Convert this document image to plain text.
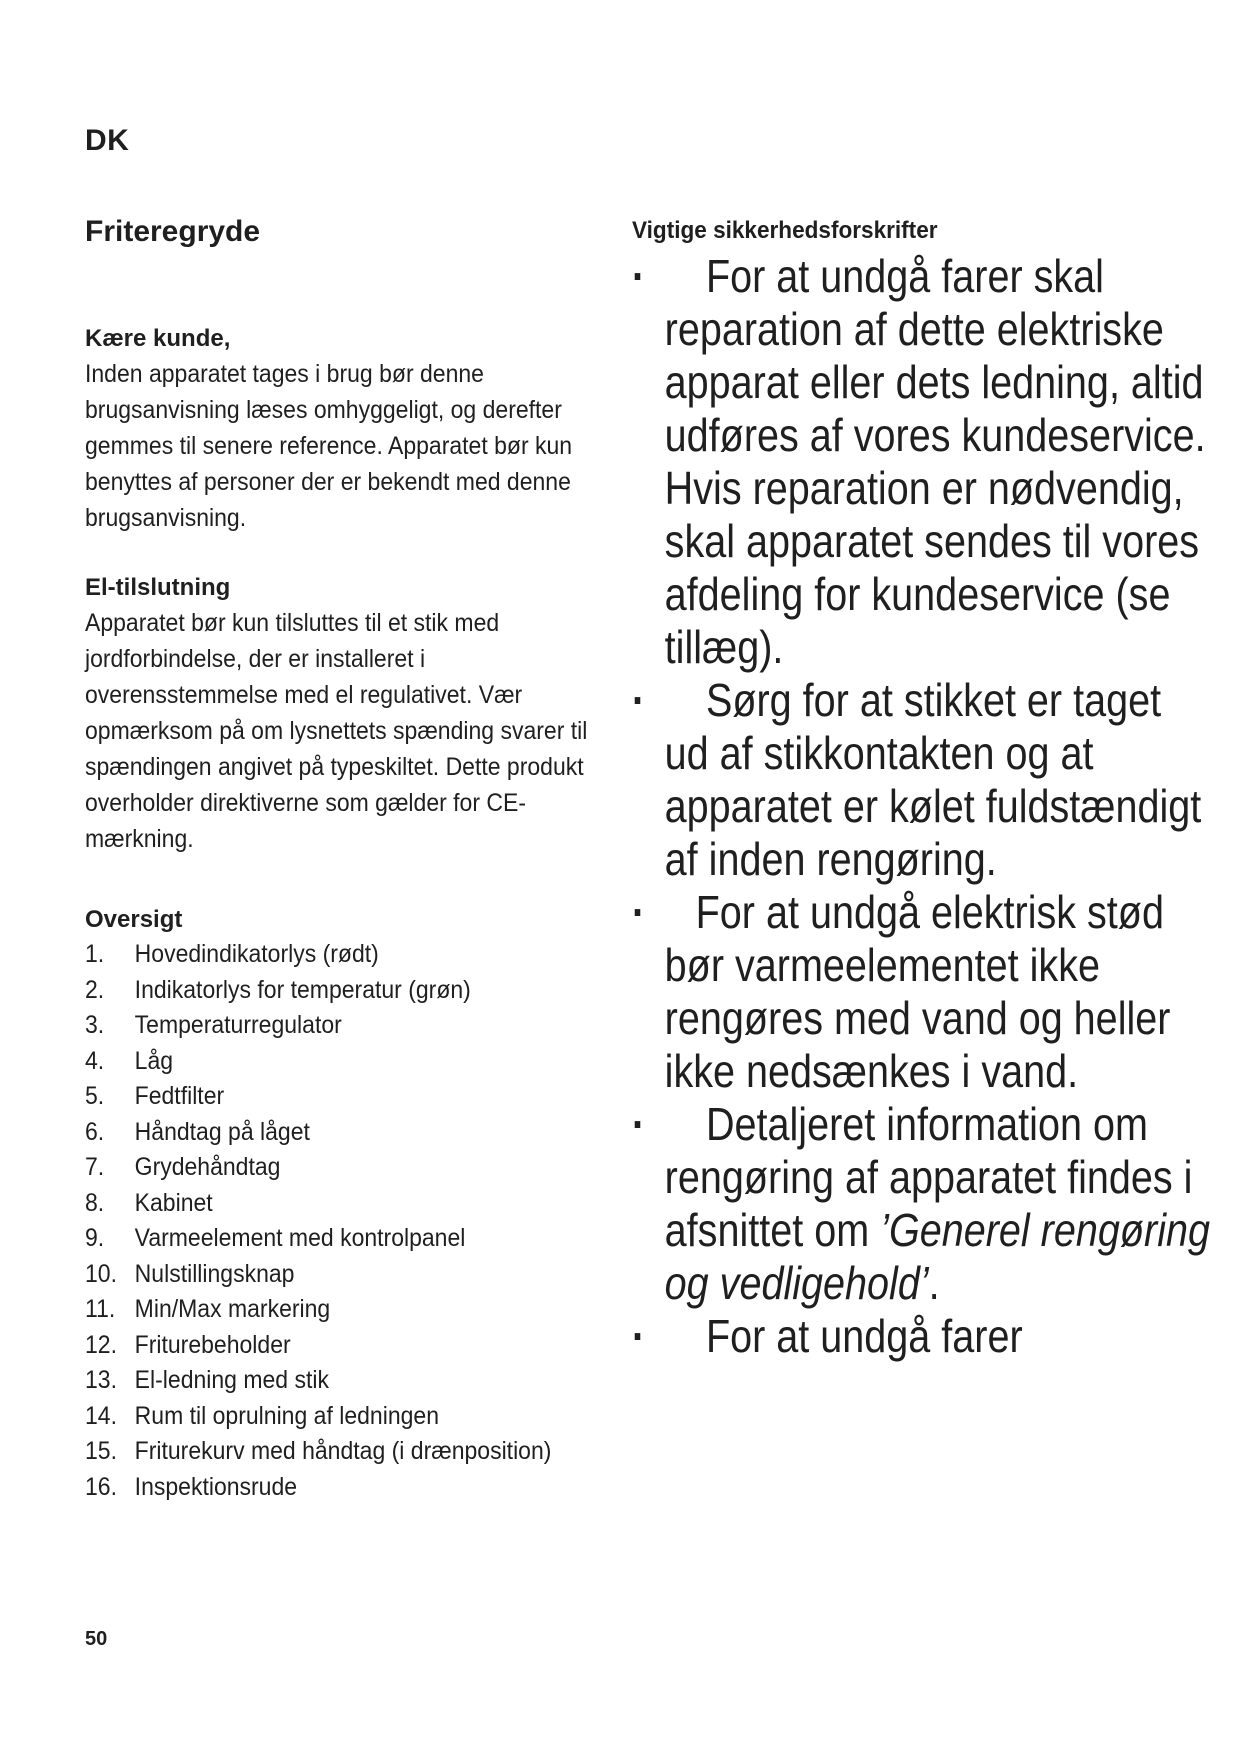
DK
Friteregryde
Kære kunde,

Inden apparatet tages i brug bør denne brugsanvisning læses omhyggeligt, og derefter gemmes til senere reference. Apparatet bør kun benyttes af personer der er bekendt med denne brugsanvisning.

El-tilslutning

Apparatet bør kun tilsluttes til et stik med jordforbindelse, der er installeret i overensstemmelse med el regulativet. Vær opmærksom på om lysnettets spænding svarer til spændingen angivet på typeskiltet. Dette produkt overholder direktiverne som gælder for CE-mærkning.

Oversigt
1.	Hovedindikatorlys (rødt)
2.	Indikatorlys for temperatur (grøn)
3.	Temperaturregulator
4.	Låg
5.	Fedtfilter
6.	Håndtag på låget
7.	Grydehåndtag
8.	Kabinet
9.	Varmeelement med kontrolpanel
10. Nulstillingsknap
11. Min/Max markering
12. Friturebeholder
13. El-ledning med stik
14. Rum til oprulning af ledningen
15. Friturekurv med håndtag (i drænposition)
16. Inspektionsrude
Vigtige sikkerhedsforskrifter
· For at undgå farer skal reparation af dette elektriske apparat eller dets ledning, altid udføres af vores kundeservice. Hvis reparation er nødvendig, skal apparatet sendes til vores afdeling for kundeservice (se tillæg).
· Sørg for at stikket er taget ud af stikkontakten og at apparatet er kølet fuldstændigt af inden rengøring.
· For at undgå elektrisk stød bør varmeelementet ikke rengøres med vand og heller ikke nedsænkes i vand.
· Detaljeret information om rengøring af apparatet findes i afsnittet om ’Generel rengøring og vedligehold’.
· For at undgå farer
50
